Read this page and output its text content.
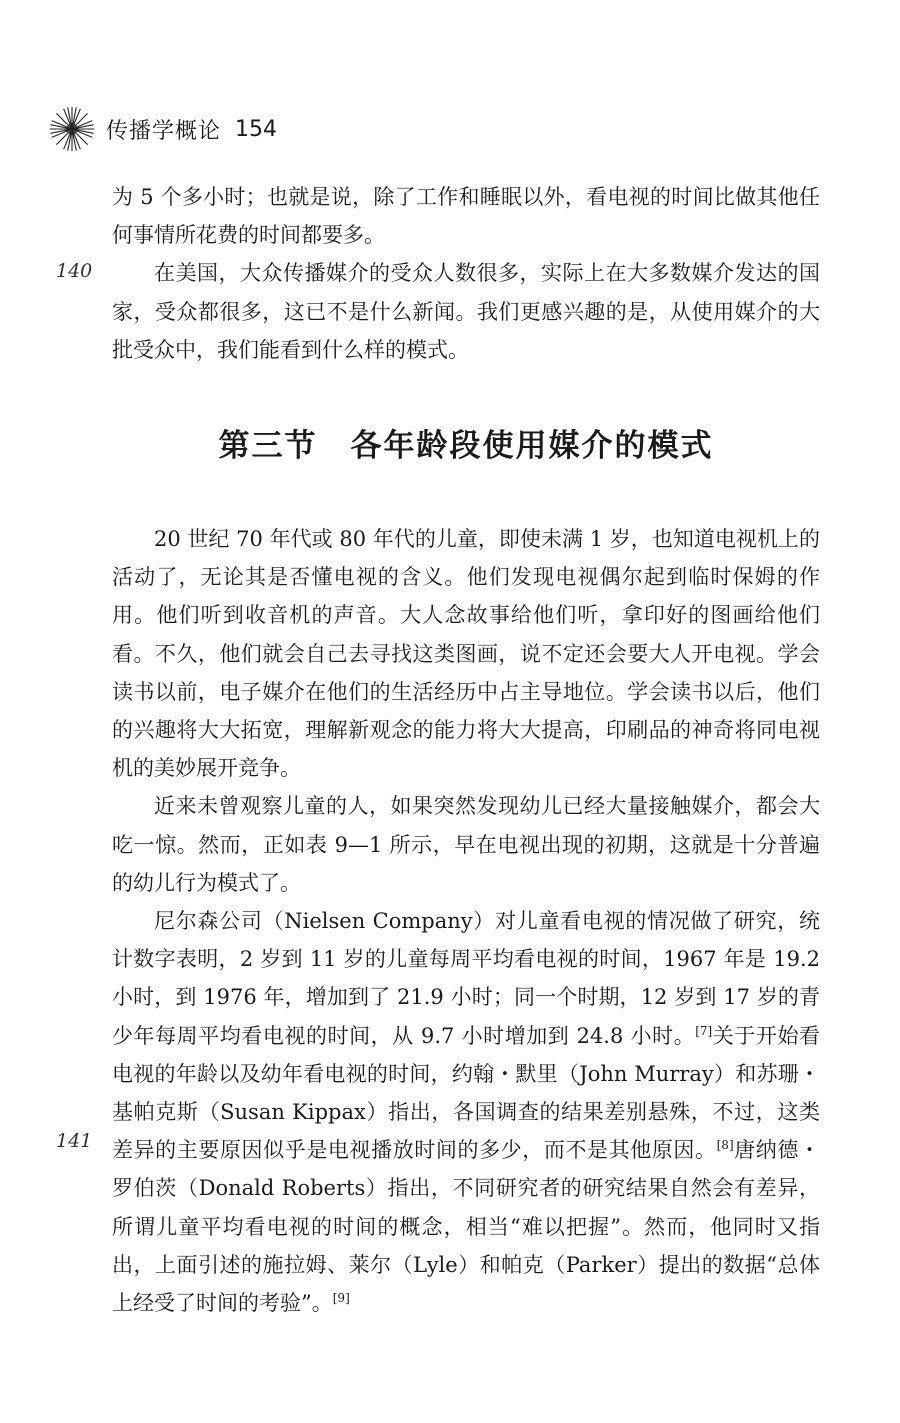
传播学概论 154
140
141

为 5 个多小时；也就是说，除了工作和睡眠以外，看电视的时间比做其他任何事情所花费的时间都要多。

在美国，大众传播媒介的受众人数很多，实际上在大多数媒介发达的国家，受众都很多，这已不是什么新闻。我们更感兴趣的是，从使用媒介的大批受众中，我们能看到什么样的模式。

第三节　各年龄段使用媒介的模式

20 世纪 70 年代或 80 年代的儿童，即使未满 1 岁，也知道电视机上的活动了，无论其是否懂电视的含义。他们发现电视偶尔起到临时保姆的作用。他们听到收音机的声音。大人念故事给他们听，拿印好的图画给他们看。不久，他们就会自己去寻找这类图画，说不定还会要大人开电视。学会读书以前，电子媒介在他们的生活经历中占主导地位。学会读书以后，他们的兴趣将大大拓宽，理解新观念的能力将大大提高，印刷品的神奇将同电视机的美妙展开竞争。

近来未曾观察儿童的人，如果突然发现幼儿已经大量接触媒介，都会大吃一惊。然而，正如表 9—1 所示，早在电视出现的初期，这就是十分普遍的幼儿行为模式了。

尼尔森公司（Nielsen Company）对儿童看电视的情况做了研究，统计数字表明，2 岁到 11 岁的儿童每周平均看电视的时间，1967 年是 19.2 小时，到 1976 年，增加到了 21.9 小时；同一个时期，12 岁到 17 岁的青少年每周平均看电视的时间，从 9.7 小时增加到 24.8 小时。[7]关于开始看电视的年龄以及幼年看电视的时间，约翰・默里（John Murray）和苏珊・基帕克斯（Susan Kippax）指出，各国调查的结果差别悬殊，不过，这类差异的主要原因似乎是电视播放时间的多少，而不是其他原因。[8]唐纳德・罗伯茨（Donald Roberts）指出，不同研究者的研究结果自然会有差异，所谓儿童平均看电视的时间的概念，相当“难以把握”。然而，他同时又指出，上面引述的施拉姆、莱尔（Lyle）和帕克（Parker）提出的数据“总体上经受了时间的考验”。[9]
